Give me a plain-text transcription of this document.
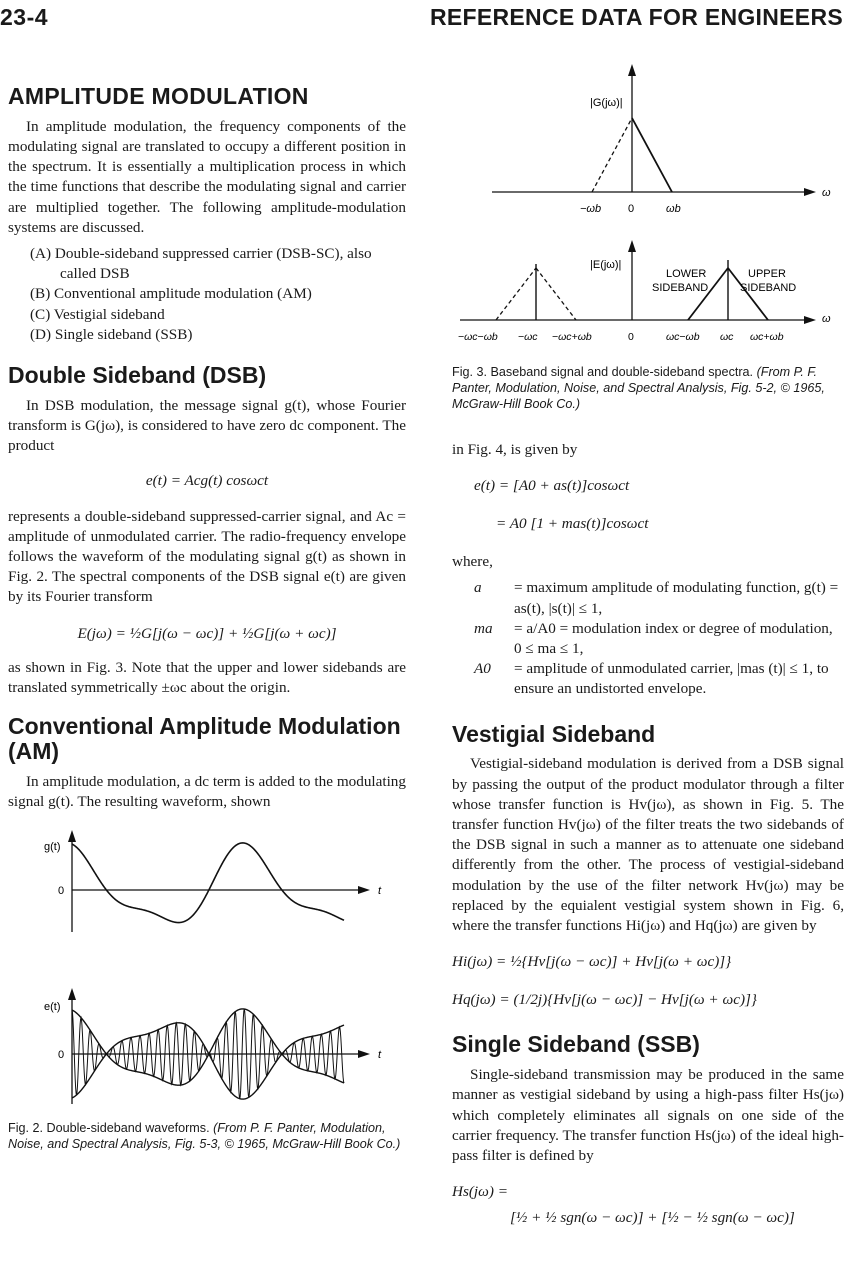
23-4	REFERENCE DATA FOR ENGINEERS
AMPLITUDE MODULATION

In amplitude modulation, the frequency components of the modulating signal are translated to occupy a different position in the spectrum. It is essentially a multiplication process in which the time functions that describe the modulating signal and carrier are multiplied together. The following amplitude-modulation systems are discussed.

(A) Double-sideband suppressed carrier (DSB-SC), also called DSB
(B) Conventional amplitude modulation (AM)
(C) Vestigial sideband
(D) Single sideband (SSB)
Double Sideband (DSB)

In DSB modulation, the message signal g(t), whose Fourier transform is G(jω), is considered to have zero dc component. The product

e(t) = Acg(t) cosωct

represents a double-sideband suppressed-carrier signal, and Ac = amplitude of unmodulated carrier. The radio-frequency envelope follows the waveform of the modulating signal g(t) as shown in Fig. 2. The spectral components of the DSB signal e(t) are given by its Fourier transform

E(jω) = ½G[j(ω − ωc)] + ½G[j(ω + ωc)]

as shown in Fig. 3. Note that the upper and lower sidebands are translated symmetrically ±ωc about the origin.

Conventional Amplitude Modulation (AM)

In amplitude modulation, a dc term is added to the modulating signal g(t). The resulting waveform, shown

g(t)
0	t
e(t)
0	t
Fig. 2. Double-sideband waveforms. (From P. F. Panter, Modulation, Noise, and Spectral Analysis, Fig. 5-3, © 1965, McGraw-Hill Book Co.)
|G(jω)|
−ωb 0	ωb
ω
|E(jω)|
LOWER
SIDEBAND
UPPER
SIDEBAND
ω
−ωc−ωb −ωc −ωc+ωb	0	ωc−ωb ωc ωc+ωb
Fig. 3. Baseband signal and double-sideband spectra. (From P. F. Panter, Modulation, Noise, and Spectral Analysis, Fig. 5-2, © 1965, McGraw-Hill Book Co.)

in Fig. 4, is given by

e(t) = [A0 + as(t)]cosωct
= A0 [1 + mas(t)]cosωct

where,

a	= maximum amplitude of modulating function, g(t) = as(t), |s(t)| ≤ 1,
ma	= a/A0 = modulation index or degree of modulation, 0 ≤ ma ≤ 1,
A0	= amplitude of unmodulated carrier, |mas (t)| ≤ 1, to ensure an undistorted envelope.
Vestigial Sideband

Vestigial-sideband modulation is derived from a DSB signal by passing the output of the product modulator through a filter whose transfer function is Hv(jω), as shown in Fig. 5. The transfer function Hv(jω) of the filter treats the two sidebands of the DSB signal in such a manner as to attenuate one sideband differently from the other. The process of vestigial-sideband modulation by the use of the filter network Hv(jω) may be replaced by the equialent vestigial system shown in Fig. 6, where the transfer functions Hi(jω) and Hq(jω) are given by

Hi(jω) = ½{Hv[j(ω − ωc)] + Hv[j(ω + ωc)]}
Hq(jω) = (1/2j){Hv[j(ω − ωc)] − Hv[j(ω + ωc)]}
Single Sideband (SSB)

Single-sideband transmission may be produced in the same manner as vestigial sideband by using a high-pass filter Hs(jω) which completely eliminates all signals on one side of the carrier frequency. The transfer function Hs(jω) of the ideal high-pass filter is defined by

Hs(jω) =
[½ + ½ sgn(ω − ωc)] + [½ − ½ sgn(ω − ωc)]
